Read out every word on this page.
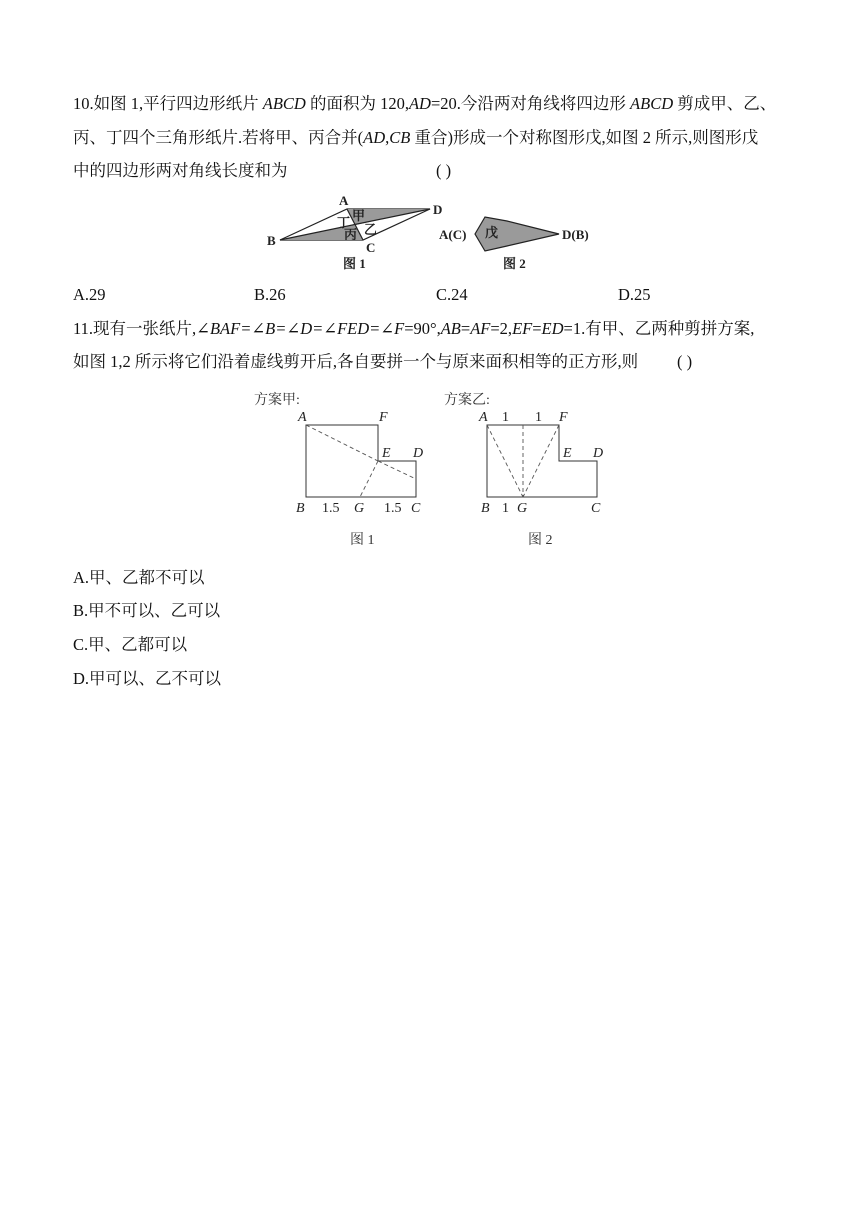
10.如图 1,平行四边形纸片 ABCD 的面积为 120,AD=20.今沿两对角线将四边形 ABCD 剪成甲、乙、
丙、丁四个三角形纸片.若将甲、丙合并(AD,CB 重合)形成一个对称图形戊,如图 2 所示,则图形戊
中的四边形两对角线长度和为	( )
A
B	C
D
甲
丁 乙
丙
图 1
A(C)	D(B)
戊
图 2
A.29	B.26	C.24	D.25
11.现有一张纸片,∠BAF=∠B=∠D=∠FED=∠F=90°,AB=AF=2,EF=ED=1.有甲、乙两种剪拼方案,
如图 1,2 所示将它们沿着虚线剪开后,各自要拼一个与原来面积相等的正方形,则 ( )
方案甲:
A	F
E D
B 1.5 G 1.5 C
图 1
方案乙:
A 1 1 F
E D
B 1 G	C
图 2
A.甲、乙都不可以
B.甲不可以、乙可以
C.甲、乙都可以
D.甲可以、乙不可以
